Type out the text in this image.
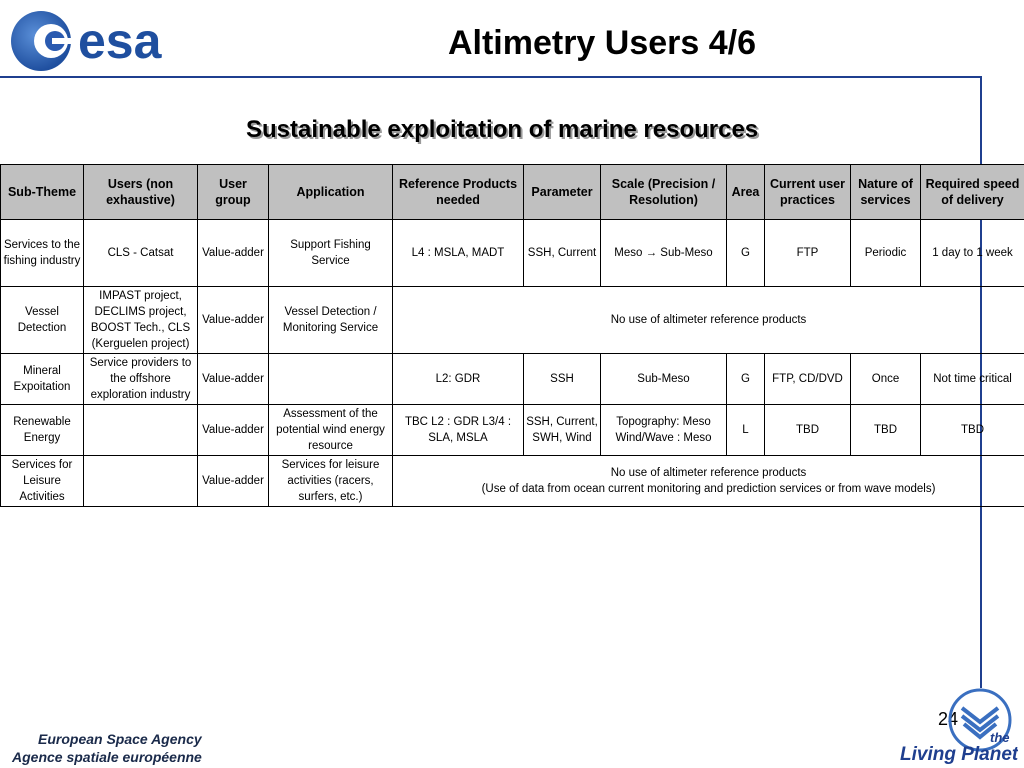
esa	Altimetry Users 4/6
Sustainable exploitation of marine resources
Sub-Theme	Users (non exhaustive)	User group	Application	Reference Products needed	Parameter	Scale (Precision / Resolution)	Area	Current user practices	Nature of services	Required speed of delivery
Services to the fishing industry	CLS - Catsat	Value-adder	Support Fishing Service	L4 : MSLA, MADT	SSH, Current	Meso → Sub-Meso	G	FTP	Periodic	1 day to 1 week
Vessel Detection	IMPAST project, DECLIMS project, BOOST Tech., CLS (Kerguelen project)	Value-adder	Vessel Detection / Monitoring Service	No use of altimeter reference products						
Mineral Expoitation	Service providers to the offshore exploration industry	Value-adder		L2: GDR	SSH	Sub-Meso	G	FTP, CD/DVD	Once	Not time critical
Renewable Energy		Value-adder	Assessment of the potential wind energy resource	TBC L2 : GDR L3/4 : SLA, MSLA	SSH, Current, SWH, Wind	Topography: Meso Wind/Wave : Meso	L	TBD	TBD	TBD
Services for Leisure Activities		Value-adder	Services for leisure activities (racers, surfers, etc.)	No use of altimeter reference products
(Use of data from ocean current monitoring and prediction services or from wave models)						
24
European Space Agency
Agence spatiale européenne
the
Living Planet
